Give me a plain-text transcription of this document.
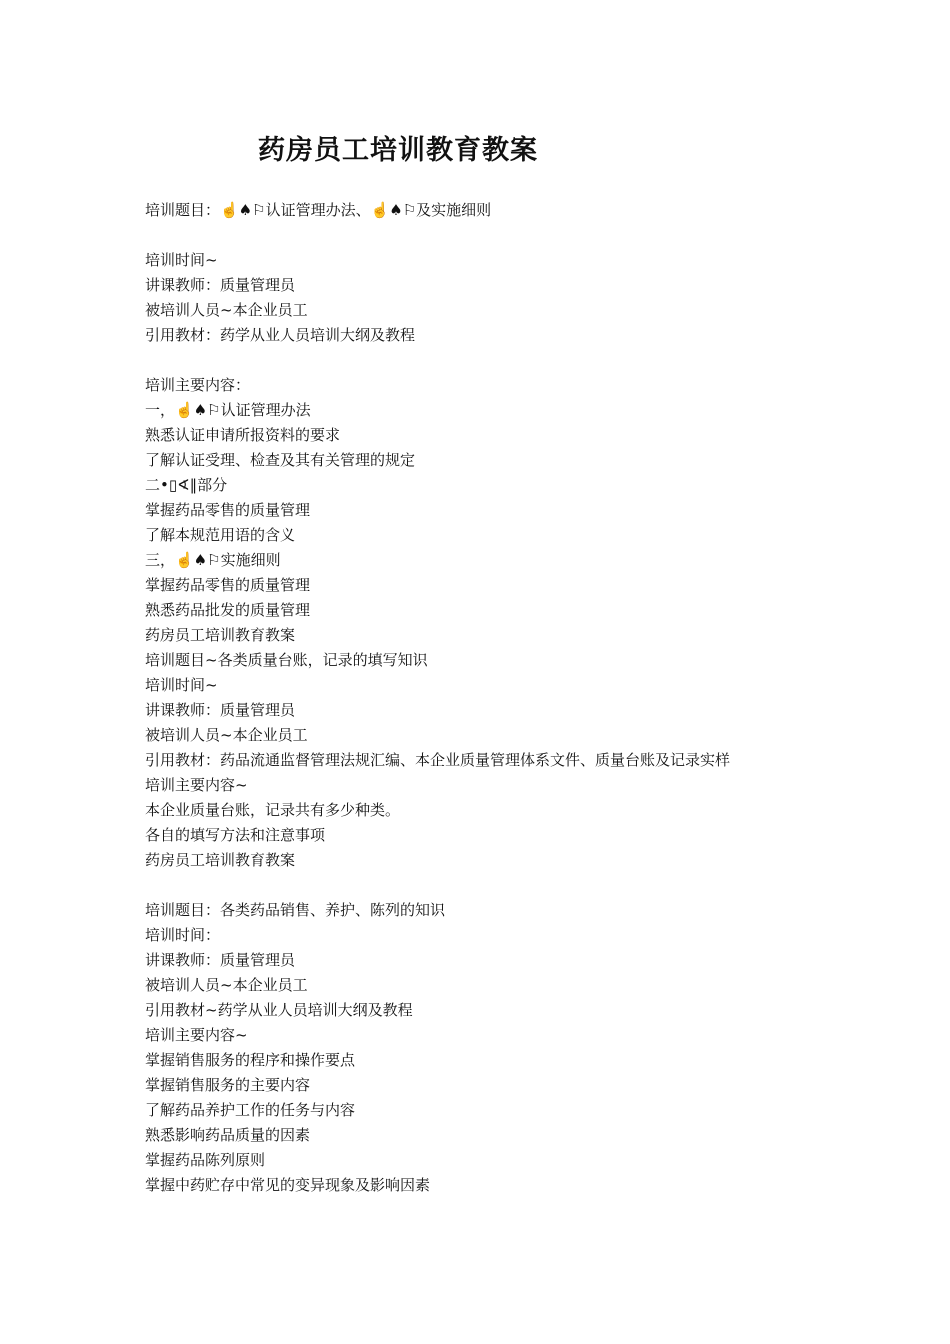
药房员工培训教育教案
培训题目：☝♠⚐认证管理办法、☝♠⚐及实施细则
培训时间~
讲课教师：质量管理员
被培训人员~本企业员工
引用教材：药学从业人员培训大纲及教程
培训主要内容：
一，☝♠⚐认证管理办法
熟悉认证申请所报资料的要求
了解认证受理、检查及其有关管理的规定
二•▯∢‖部分
掌握药品零售的质量管理
了解本规范用语的含义
三，☝♠⚐实施细则
掌握药品零售的质量管理
熟悉药品批发的质量管理
药房员工培训教育教案
培训题目~各类质量台账，记录的填写知识
培训时间~
讲课教师：质量管理员
被培训人员~本企业员工
引用教材：药品流通监督管理法规汇编、本企业质量管理体系文件、质量台账及记录实样
培训主要内容~
本企业质量台账，记录共有多少种类。
各自的填写方法和注意事项
药房员工培训教育教案
培训题目：各类药品销售、养护、陈列的知识
培训时间：
讲课教师：质量管理员
被培训人员~本企业员工
引用教材~药学从业人员培训大纲及教程
培训主要内容~
掌握销售服务的程序和操作要点
掌握销售服务的主要内容
了解药品养护工作的任务与内容
熟悉影响药品质量的因素
掌握药品陈列原则
掌握中药贮存中常见的变异现象及影响因素
